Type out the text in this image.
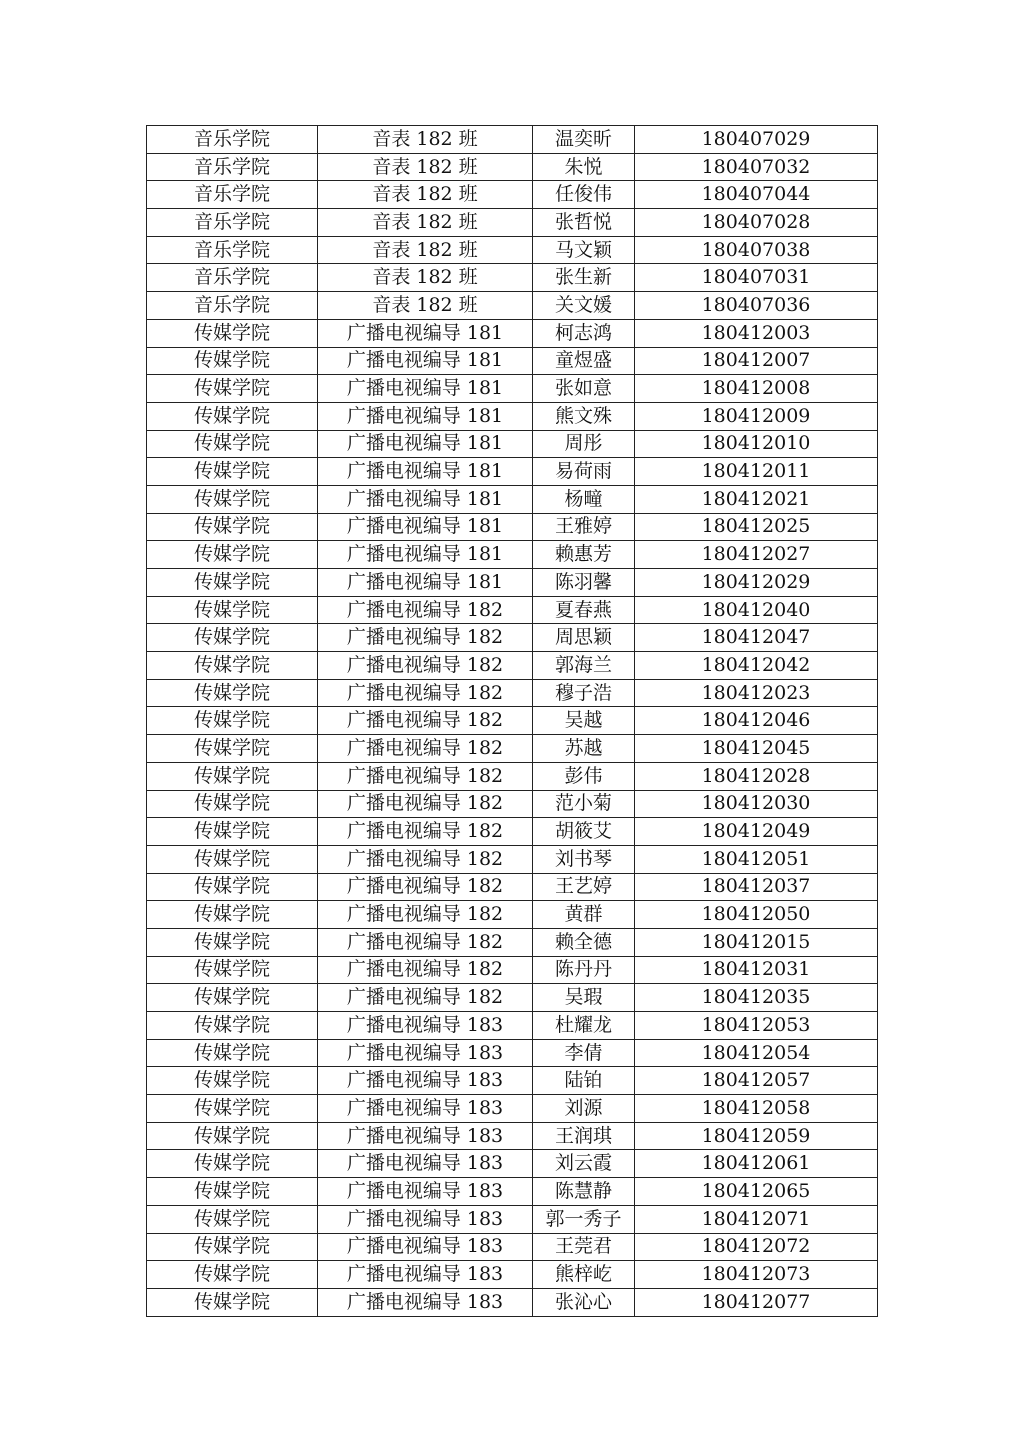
音乐学院	音表 182 班	温奕昕	180407029
音乐学院	音表 182 班	朱悦	180407032
音乐学院	音表 182 班	任俊伟	180407044
音乐学院	音表 182 班	张哲悦	180407028
音乐学院	音表 182 班	马文颖	180407038
音乐学院	音表 182 班	张生新	180407031
音乐学院	音表 182 班	关文媛	180407036
传媒学院	广播电视编导 181	柯志鸿	180412003
传媒学院	广播电视编导 181	童煜盛	180412007
传媒学院	广播电视编导 181	张如意	180412008
传媒学院	广播电视编导 181	熊文殊	180412009
传媒学院	广播电视编导 181	周彤	180412010
传媒学院	广播电视编导 181	易荷雨	180412011
传媒学院	广播电视编导 181	杨疃	180412021
传媒学院	广播电视编导 181	王雅婷	180412025
传媒学院	广播电视编导 181	赖惠芳	180412027
传媒学院	广播电视编导 181	陈羽馨	180412029
传媒学院	广播电视编导 182	夏春燕	180412040
传媒学院	广播电视编导 182	周思颖	180412047
传媒学院	广播电视编导 182	郭海兰	180412042
传媒学院	广播电视编导 182	穆子浩	180412023
传媒学院	广播电视编导 182	吴越	180412046
传媒学院	广播电视编导 182	苏越	180412045
传媒学院	广播电视编导 182	彭伟	180412028
传媒学院	广播电视编导 182	范小菊	180412030
传媒学院	广播电视编导 182	胡筱艾	180412049
传媒学院	广播电视编导 182	刘书琴	180412051
传媒学院	广播电视编导 182	王艺婷	180412037
传媒学院	广播电视编导 182	黄群	180412050
传媒学院	广播电视编导 182	赖全德	180412015
传媒学院	广播电视编导 182	陈丹丹	180412031
传媒学院	广播电视编导 182	吴瑕	180412035
传媒学院	广播电视编导 183	杜耀龙	180412053
传媒学院	广播电视编导 183	李倩	180412054
传媒学院	广播电视编导 183	陆铂	180412057
传媒学院	广播电视编导 183	刘源	180412058
传媒学院	广播电视编导 183	王润琪	180412059
传媒学院	广播电视编导 183	刘云霞	180412061
传媒学院	广播电视编导 183	陈慧静	180412065
传媒学院	广播电视编导 183	郭一秀子	180412071
传媒学院	广播电视编导 183	王莞君	180412072
传媒学院	广播电视编导 183	熊梓屹	180412073
传媒学院	广播电视编导 183	张沁心	180412077
